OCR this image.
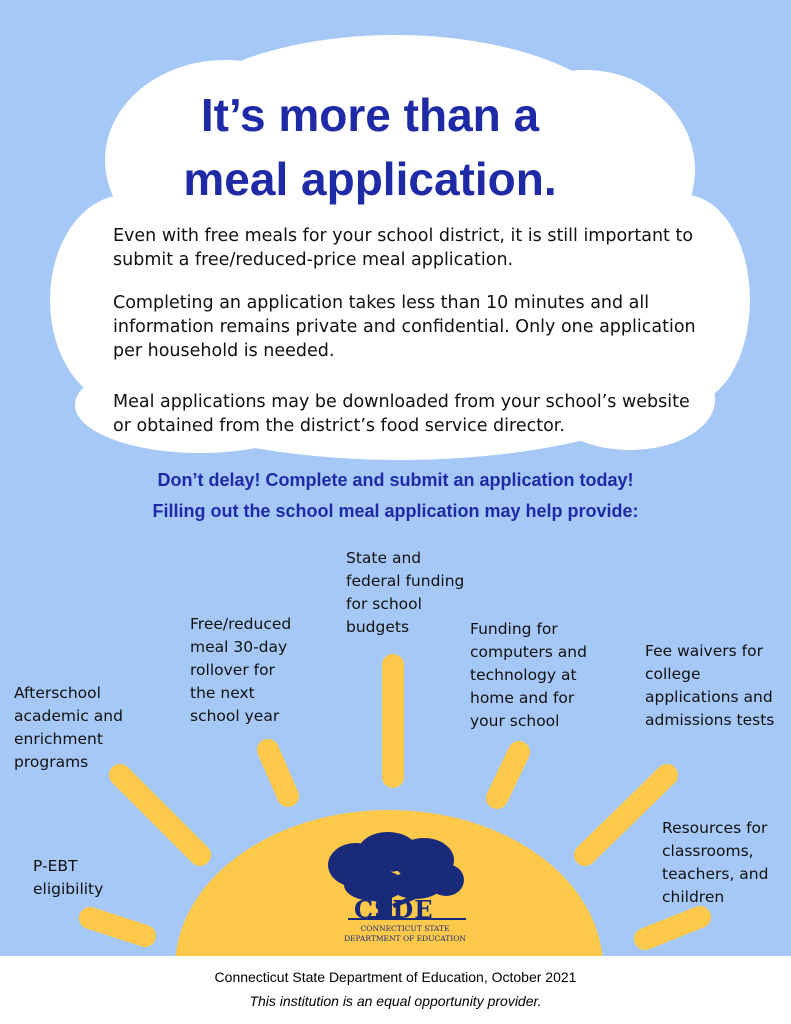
It’s more than a
meal application.

Even with free meals for your school district, it is still important to submit a free/reduced-price meal application.

Completing an application takes less than 10 minutes and all information remains private and confidential. Only one application per household is needed.

Meal applications may be downloaded from your school’s website or obtained from the district’s food service director.

Don’t delay! Complete and submit an application today!

Filling out the school meal application may help provide:

State and federal funding for school budgets

Free/reduced meal 30-day rollover for the next school year

Funding for computers and technology at home and for your school

Fee waivers for college applications and admissions tests

Afterschool academic and enrichment programs

Resources for classrooms, teachers, and children

P-EBT eligibility

CSDE
CONNECTICUT STATE
DEPARTMENT OF EDUCATION
Connecticut State Department of Education, October 2021
This institution is an equal opportunity provider.
